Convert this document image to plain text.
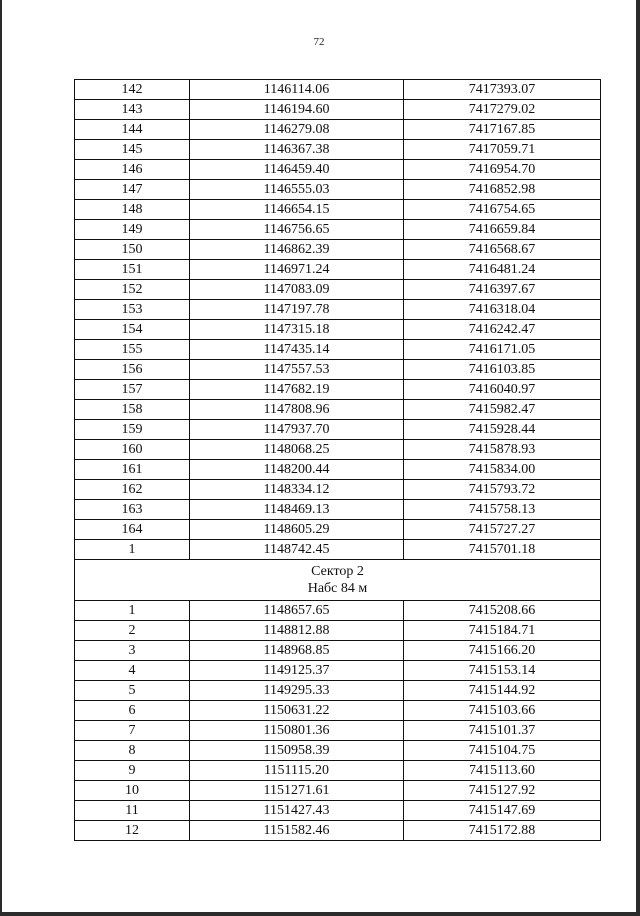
72
142	1146114.06	7417393.07
143	1146194.60	7417279.02
144	1146279.08	7417167.85
145	1146367.38	7417059.71
146	1146459.40	7416954.70
147	1146555.03	7416852.98
148	1146654.15	7416754.65
149	1146756.65	7416659.84
150	1146862.39	7416568.67
151	1146971.24	7416481.24
152	1147083.09	7416397.67
153	1147197.78	7416318.04
154	1147315.18	7416242.47
155	1147435.14	7416171.05
156	1147557.53	7416103.85
157	1147682.19	7416040.97
158	1147808.96	7415982.47
159	1147937.70	7415928.44
160	1148068.25	7415878.93
161	1148200.44	7415834.00
162	1148334.12	7415793.72
163	1148469.13	7415758.13
164	1148605.29	7415727.27
1	1148742.45	7415701.18

Сектор 2
Набс 84 м		

1	1148657.65	7415208.66
2	1148812.88	7415184.71
3	1148968.85	7415166.20
4	1149125.37	7415153.14
5	1149295.33	7415144.92
6	1150631.22	7415103.66
7	1150801.36	7415101.37
8	1150958.39	7415104.75
9	1151115.20	7415113.60
10	1151271.61	7415127.92
11	1151427.43	7415147.69
12	1151582.46	7415172.88
